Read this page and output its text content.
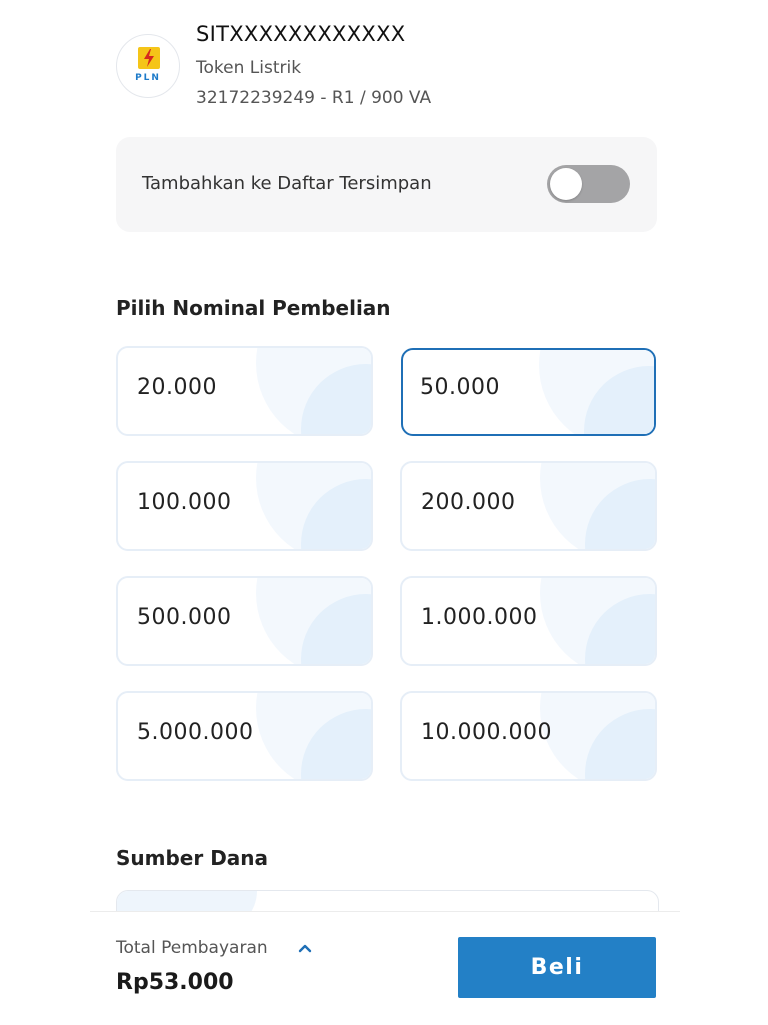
PLN
SITXXXXXXXXXXXX
Token Listrik
32172239249 - R1 / 900 VA
Tambahkan ke Daftar Tersimpan
Pilih Nominal Pembelian
20.000	50.000
100.000	200.000
500.000	1.000.000
5.000.000	10.000.000
Sumber Dana
Total Pembayaran
Rp53.000
Beli
